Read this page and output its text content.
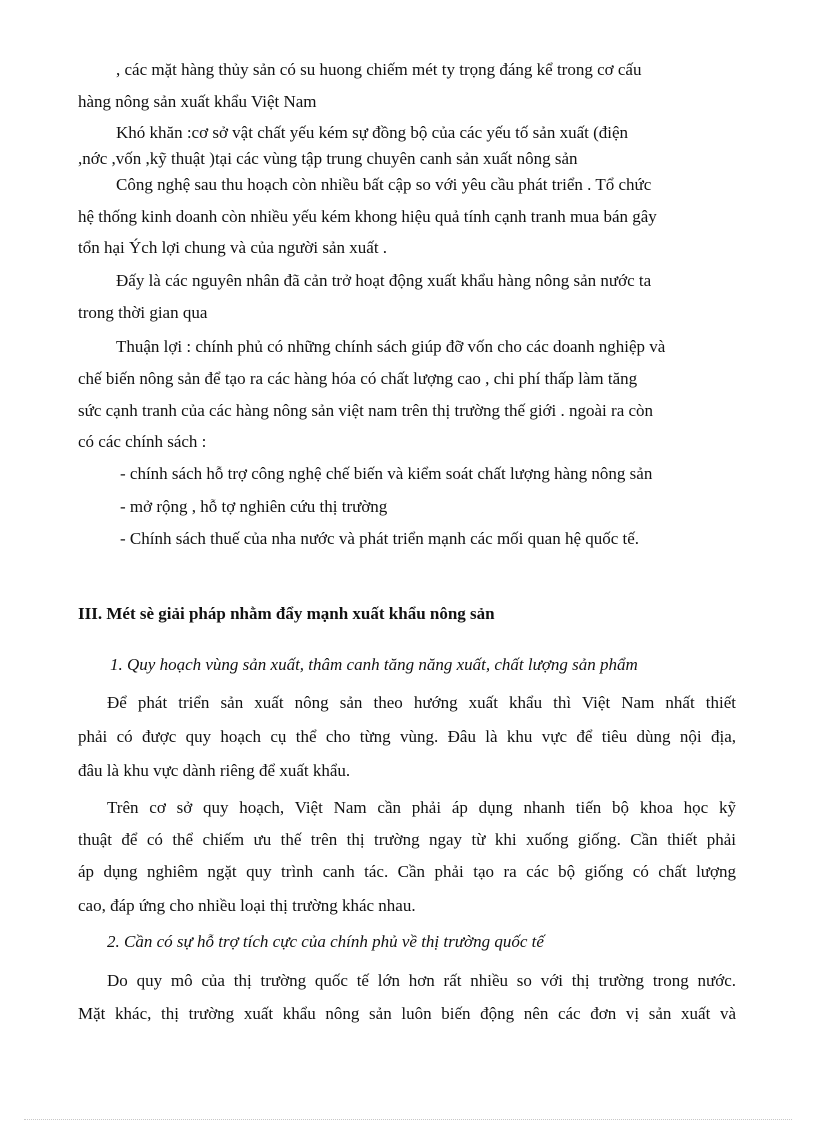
, các mặt hàng thủy sản có su huong chiếm mét ty trọng đáng kể trong cơ cấu

hàng nông sản xuất khẩu Việt Nam

Khó khăn :cơ sở vật chất yếu kém sự đồng bộ của các yếu tố sản xuất (điện

,nớc ,vốn ,kỹ thuật )tại các vùng tập trung chuyên canh sản xuất nông sản

Công nghệ sau thu hoạch còn nhiều bất cập so với yêu cầu phát triển . Tổ chức

hệ thống kinh doanh còn nhiều yếu kém khong hiệu quả tính cạnh tranh mua bán gây

tổn hại Ých lợi chung và của người sản xuất .

Đấy là các nguyên nhân đã cản trở hoạt động xuất khẩu hàng nông sản nước ta

trong thời gian qua

Thuận lợi : chính phủ có những chính sách giúp đỡ vốn cho các doanh nghiệp và

chế biến nông sản để tạo ra các hàng hóa có chất lượng cao , chi phí thấp làm tăng

sức cạnh tranh của các hàng nông sản việt nam trên thị trường thế giới . ngoài ra còn

có các chính sách :

- chính sách hỗ trợ công nghệ chế biến và kiểm soát chất lượng hàng nông sản

- mở rộng , hỗ tợ nghiên cứu thị trường

- Chính sách thuế của nha nước và phát triển mạnh các mối quan hệ quốc tế.

III. Mét sè giải pháp nhằm đẩy mạnh xuất khẩu nông sản

1. Quy hoạch vùng sản xuất, thâm canh tăng năng xuất, chất lượng sản phẩm

Để phát triển sản xuất nông sản theo hướng xuất khẩu thì Việt Nam nhất thiết

phải có được quy hoạch cụ thể cho từng vùng. Đâu là khu vực để tiêu dùng nội địa,

đâu là khu vực dành riêng để xuất khẩu.

Trên cơ sở quy hoạch, Việt Nam cần phải áp dụng nhanh tiến bộ khoa học kỹ

thuật để có thể chiếm ưu thế trên thị trường ngay từ khi xuống giống. Cần thiết phải

áp dụng nghiêm ngặt quy trình canh tác. Cần phải tạo ra các bộ giống có chất lượng

cao, đáp ứng cho nhiều loại thị trường khác nhau.

2. Cần có sự hỗ trợ tích cực của chính phủ về thị trường quốc tế

Do quy mô của thị trường quốc tế lớn hơn rất nhiều so với thị trường trong nước.

Mặt khác, thị trường xuất khẩu nông sản luôn biến động nên các đơn vị sản xuất và
